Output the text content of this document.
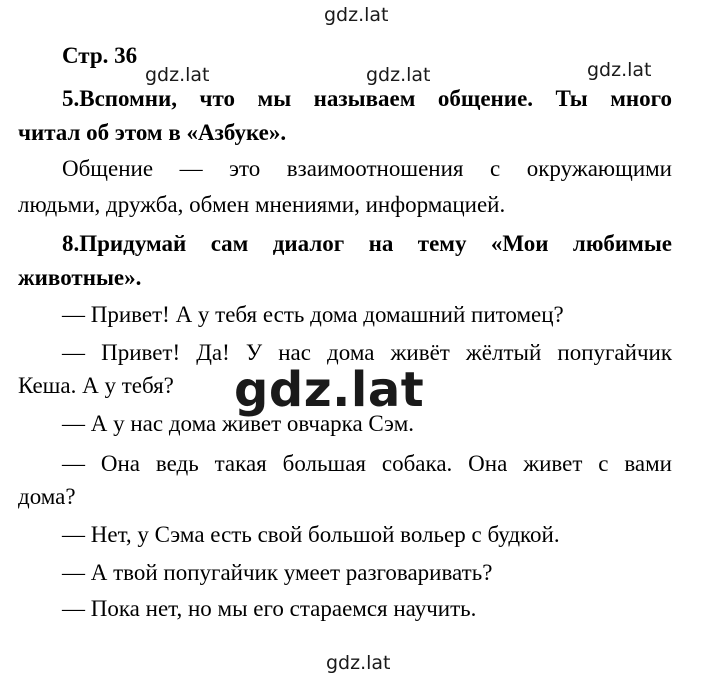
gdz.lat
gdz.lat	gdz.lat	gdz.lat
gdz.lat
gdz.lat
Стр. 36
5.Вспомни, что мы называем общение. Ты много
читал об этом в «Азбуке».
Общение — это взаимоотношения с окружающими
людьми, дружба, обмен мнениями, информацией.
8.Придумай сам диалог на тему «Мои любимые
животные».
— Привет! А у тебя есть дома домашний питомец?
— Привет! Да! У нас дома живёт жёлтый попугайчик
Кеша. А у тебя?
— А у нас дома живет овчарка Сэм.
— Она ведь такая большая собака. Она живет с вами
дома?
— Нет, у Сэма есть свой большой вольер с будкой.
— А твой попугайчик умеет разговаривать?
— Пока нет, но мы его стараемся научить.
